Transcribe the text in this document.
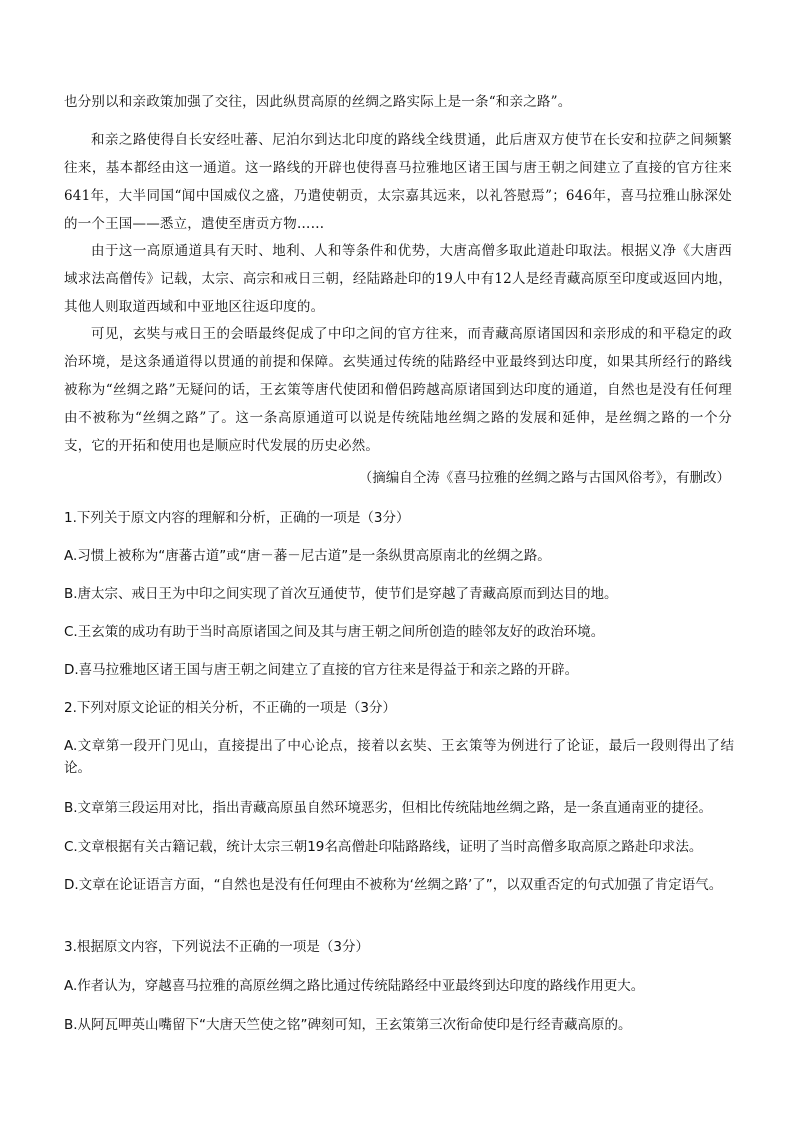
也分别以和亲政策加强了交往，因此纵贯高原的丝绸之路实际上是一条“和亲之路”。

和亲之路使得自长安经吐蕃、尼泊尔到达北印度的路线全线贯通，此后唐双方使节在长安和拉萨之间频繁往来，基本都经由这一通道。这一路线的开辟也使得喜马拉雅地区诸王国与唐王朝之间建立了直接的官方往来641年，大半同国“闻中国威仪之盛，乃遣使朝贡，太宗嘉其远来，以礼答慰焉”；646年，喜马拉雅山脉深处的一个王国——悉立，遣使至唐贡方物……

由于这一高原通道具有天时、地利、人和等条件和优势，大唐高僧多取此道赴印取法。根据义净《大唐西域求法高僧传》记载，太宗、高宗和戒日三朝，经陆路赴印的19人中有12人是经青藏高原至印度或返回内地，其他人则取道西域和中亚地区往返印度的。

可见，玄奘与戒日王的会晤最终促成了中印之间的官方往来，而青藏高原诸国因和亲形成的和平稳定的政治环境，是这条通道得以贯通的前提和保障。玄奘通过传统的陆路经中亚最终到达印度，如果其所经行的路线被称为“丝绸之路”无疑问的话，王玄策等唐代使团和僧侣跨越高原诸国到达印度的通道，自然也是没有任何理由不被称为“丝绸之路”了。这一条高原通道可以说是传统陆地丝绸之路的发展和延伸，是丝绸之路的一个分支，它的开拓和使用也是顺应时代发展的历史必然。

（摘编自仝涛《喜马拉雅的丝绸之路与古国风俗考》，有删改）

1.下列关于原文内容的理解和分析，正确的一项是（3分）

A.习惯上被称为“唐蕃古道”或“唐－蕃－尼古道”是一条纵贯高原南北的丝绸之路。

B.唐太宗、戒日王为中印之间实现了首次互通使节，使节们是穿越了青藏高原而到达目的地。

C.王玄策的成功有助于当时高原诸国之间及其与唐王朝之间所创造的睦邻友好的政治环境。

D.喜马拉雅地区诸王国与唐王朝之间建立了直接的官方往来是得益于和亲之路的开辟。

2.下列对原文论证的相关分析，不正确的一项是（3分）

A.文章第一段开门见山，直接提出了中心论点，接着以玄奘、王玄策等为例进行了论证，最后一段则得出了结论。

B.文章第三段运用对比，指出青藏高原虽自然环境恶劣，但相比传统陆地丝绸之路，是一条直通南亚的捷径。

C.文章根据有关古籍记载，统计太宗三朝19名高僧赴印陆路路线，证明了当时高僧多取高原之路赴印求法。

D.文章在论证语言方面，“自然也是没有任何理由不被称为‘丝绸之路’了”，以双重否定的句式加强了肯定语气。

3.根据原文内容，下列说法不正确的一项是（3分）

A.作者认为，穿越喜马拉雅的高原丝绸之路比通过传统陆路经中亚最终到达印度的路线作用更大。

B.从阿瓦呷英山嘴留下“大唐天竺使之铭”碑刻可知，王玄策第三次衔命使印是行经青藏高原的。
